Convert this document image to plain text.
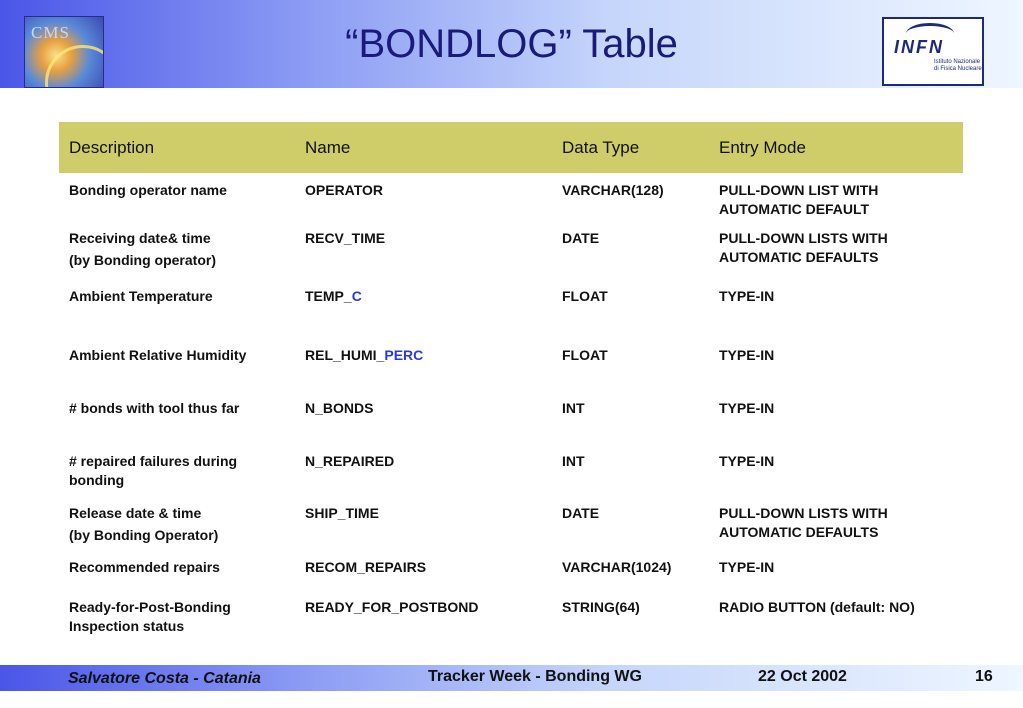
CMS	“BONDLOG” Table	INFN
Istituto Nazionale di Fisica Nucleare
Description	Name	Data Type	Entry Mode
Bonding operator name	OPERATOR	VARCHAR(128)	PULL-DOWN LIST WITH AUTOMATIC DEFAULT
Receiving date& time
(by Bonding operator)	RECV_TIME	DATE	PULL-DOWN LISTS WITH AUTOMATIC DEFAULTS
Ambient Temperature	TEMP_C	FLOAT	TYPE-IN
Ambient Relative Humidity	REL_HUMI_PERC	FLOAT	TYPE-IN
# bonds with tool thus far	N_BONDS	INT	TYPE-IN
# repaired failures during bonding	N_REPAIRED	INT	TYPE-IN
Release date & time
(by Bonding Operator)	SHIP_TIME	DATE	PULL-DOWN LISTS WITH AUTOMATIC DEFAULTS
Recommended repairs	RECOM_REPAIRS	VARCHAR(1024)	TYPE-IN
Ready-for-Post-Bonding Inspection status	READY_FOR_POSTBOND	STRING(64)	RADIO BUTTON (default: NO)
Salvatore Costa - Catania	Tracker Week - Bonding WG	22 Oct 2002	16
